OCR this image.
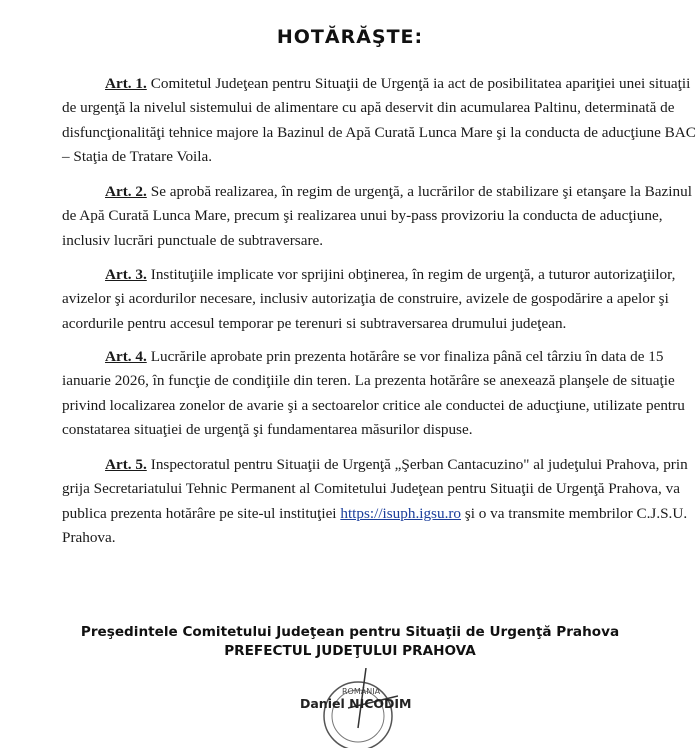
HOTĂRĂŞTE:
Art. 1. Comitetul Judeţean pentru Situaţii de Urgenţă ia act de posibilitatea apariţiei unei situaţii
de urgenţă la nivelul sistemului de alimentare cu apă deservit din acumularea Paltinu, determinată de
disfuncţionalităţi tehnice majore la Bazinul de Apă Curată Lunca Mare şi la conducta de aducţiune BAC
– Staţia de Tratare Voila.
Art. 2. Se aprobă realizarea, în regim de urgenţă, a lucrărilor de stabilizare şi etanşare la Bazinul
de Apă Curată Lunca Mare, precum şi realizarea unui by-pass provizoriu la conducta de aducţiune,
inclusiv lucrări punctuale de subtraversare.
Art. 3. Instituţiile implicate vor sprijini obţinerea, în regim de urgenţă, a tuturor autorizaţiilor,
avizelor şi acordurilor necesare, inclusiv autorizaţia de construire, avizele de gospodărire a apelor şi
acordurile pentru accesul temporar pe terenuri si subtraversarea drumului judeţean.
Art. 4. Lucrările aprobate prin prezenta hotărâre se vor finaliza până cel târziu în data de 15
ianuarie 2026, în funcţie de condiţiile din teren. La prezenta hotărâre se anexează planşele de situaţie
privind localizarea zonelor de avarie şi a sectoarelor critice ale conductei de aducţiune, utilizate pentru
constatarea situaţiei de urgenţă şi fundamentarea măsurilor dispuse.
Art. 5. Inspectoratul pentru Situaţii de Urgenţă „Şerban Cantacuzino" al judeţului Prahova, prin
grija Secretariatului Tehnic Permanent al Comitetului Judeţean pentru Situaţii de Urgenţă Prahova, va
publica prezenta hotărâre pe site-ul instituţiei https://isuph.igsu.ro şi o va transmite membrilor C.J.S.U.
Prahova.
Preşedintele Comitetului Judeţean pentru Situaţii de Urgenţă Prahova
PREFECTUL JUDEŢULUI PRAHOVA
ROMÂNIA
Daniel NICODIM
